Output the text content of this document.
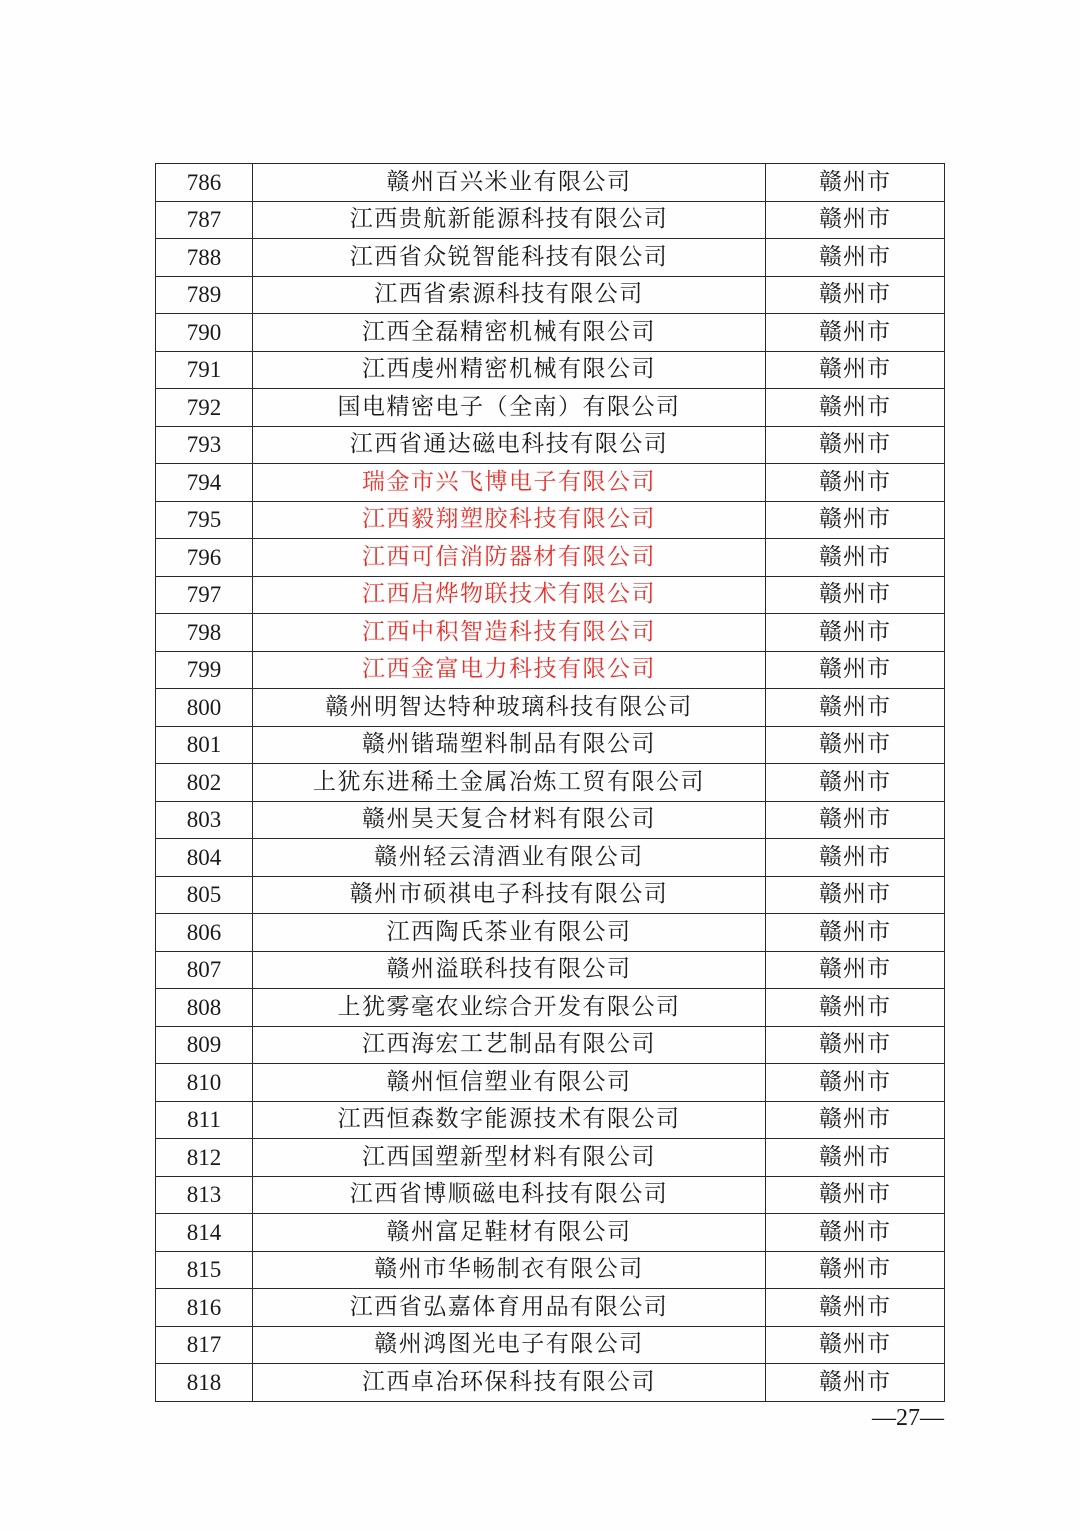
786	赣州百兴米业有限公司	赣州市
787	江西贵航新能源科技有限公司	赣州市
788	江西省众锐智能科技有限公司	赣州市
789	江西省索源科技有限公司	赣州市
790	江西全磊精密机械有限公司	赣州市
791	江西虔州精密机械有限公司	赣州市
792	国电精密电子（全南）有限公司	赣州市
793	江西省通达磁电科技有限公司	赣州市
794	瑞金市兴飞博电子有限公司	赣州市
795	江西毅翔塑胶科技有限公司	赣州市
796	江西可信消防器材有限公司	赣州市
797	江西启烨物联技术有限公司	赣州市
798	江西中积智造科技有限公司	赣州市
799	江西金富电力科技有限公司	赣州市
800	赣州明智达特种玻璃科技有限公司	赣州市
801	赣州锴瑞塑料制品有限公司	赣州市
802	上犹东进稀土金属冶炼工贸有限公司	赣州市
803	赣州昊天复合材料有限公司	赣州市
804	赣州轻云清酒业有限公司	赣州市
805	赣州市硕祺电子科技有限公司	赣州市
806	江西陶氏茶业有限公司	赣州市
807	赣州溢联科技有限公司	赣州市
808	上犹雾毫农业综合开发有限公司	赣州市
809	江西海宏工艺制品有限公司	赣州市
810	赣州恒信塑业有限公司	赣州市
811	江西恒森数字能源技术有限公司	赣州市
812	江西国塑新型材料有限公司	赣州市
813	江西省博顺磁电科技有限公司	赣州市
814	赣州富足鞋材有限公司	赣州市
815	赣州市华畅制衣有限公司	赣州市
816	江西省弘嘉体育用品有限公司	赣州市
817	赣州鸿图光电子有限公司	赣州市
818	江西卓冶环保科技有限公司	赣州市
—27—
